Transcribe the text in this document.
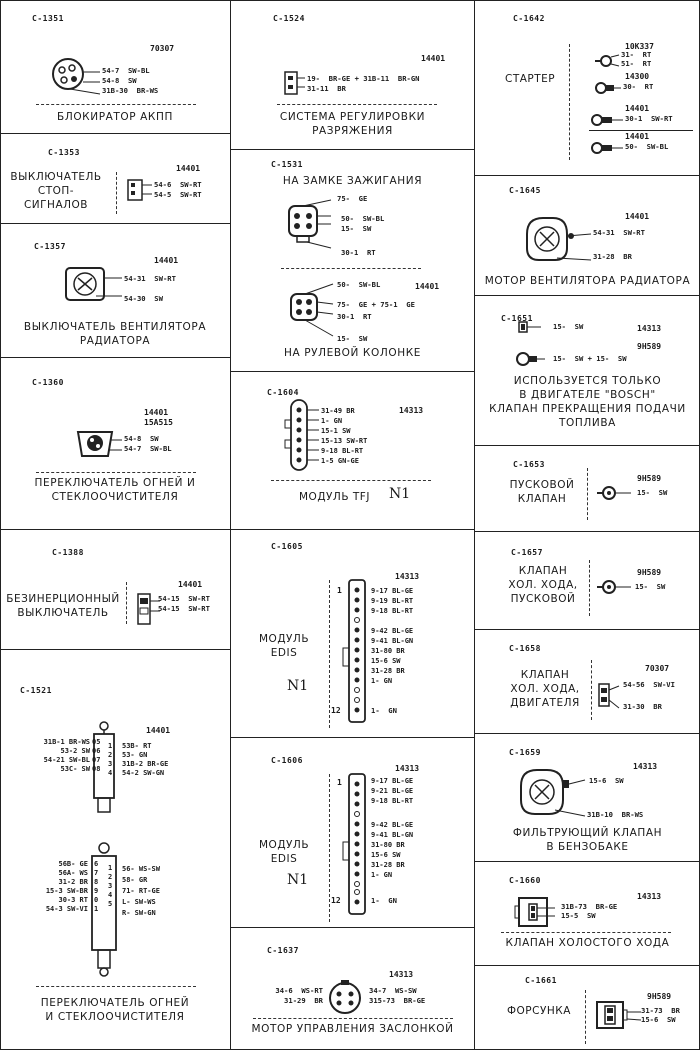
C-1351
70307
54-7  SW-BL
54-8  SW
31B-30  BR-WS
БЛОКИРАТОР АКПП
C-1353
ВЫКЛЮЧАТЕЛЬ
СТОП-
СИГНАЛОВ
14401
54-6  SW-RT
54-5  SW-RT
C-1357
14401
54-31  SW-RT
54-30  SW
ВЫКЛЮЧАТЕЛЬ ВЕНТИЛЯТОРА
РАДИАТОРА
C-1360
14401
15A515
54-8  SW
54-7  SW-BL
ПЕРЕКЛЮЧАТЕЛЬ ОГНЕЙ И
СТЕКЛООЧИСТИТЕЛЯ
C-1388
БЕЗИНЕРЦИОННЫЙ
ВЫКЛЮЧАТЕЛЬ
14401
54-15  SW-RT
54-15  SW-RT
C-1521
14401
31B-1 BR-WS
53-2 SW
54-21 SW-BL
53C- SW
05
06
07
08
1
2
3
4
53B- RT
53- GN
31B-2 BR-GE
54-2 SW-GN
56B- GE
56A- WS
31-2 BR
15-3 SW-BR
30-3 RT
54-3 SW-VI
6
7
8
9
0
1
1
2
3
4
5
56- WS-SW
58- GR
71- RT-GE
L- SW-WS
R- SW-GN
ПЕРЕКЛЮЧАТЕЛЬ ОГНЕЙ
И СТЕКЛООЧИСТИТЕЛЯ
C-1524
14401
19-  BR-GE + 31B-11  BR-GN
31-11  BR
СИСТЕМА РЕГУЛИРОВКИ
РАЗРЯЖЕНИЯ
C-1531
НА ЗАМКЕ ЗАЖИГАНИЯ
75-  GE
50-  SW-BL
15-  SW
30-1  RT
14401
50-  SW-BL
75-  GE + 75-1  GE
30-1  RT
15-  SW
НА РУЛЕВОЙ КОЛОНКЕ
C-1604
14313
31-49 BR
1- GN
15-1 SW
15-13 SW-RT
9-18 BL-RT
1-5 GN-GE
МОДУЛЬ TFJ N1
C-1605
14313
МОДУЛЬ
EDIS
N1
1
12
9-17 BL-GE
9-19 BL-RT
9-18 BL-RT
9-42 BL-GE
9-41 BL-GN
31-80 BR
15-6 SW
31-28 BR
1- GN
1-  GN
C-1606
14313
МОДУЛЬ
EDIS
N1
1
12
9-17 BL-GE
9-21 BL-GE
9-18 BL-RT
9-42 BL-GE
9-41 BL-GN
31-80 BR
15-6 SW
31-28 BR
1- GN
1-  GN
C-1637
14313
34-6  WS-RT
31-29  BR
34-7  WS-SW
315-73  BR-GE
МОТОР УПРАВЛЕНИЯ ЗАСЛОНКОЙ
C-1642
СТАРТЕР
10K337
31-  RT
51-  RT
14300
30-  RT
14401
30-1  SW-RT
14401
50-  SW-BL
C-1645
14401
54-31  SW-RT
31-28  BR
МОТОР ВЕНТИЛЯТОРА РАДИАТОРА
C-1651
15-  SW	14313
9H589
15-  SW + 15-  SW
ИСПОЛЬЗУЕТСЯ ТОЛЬКО
В ДВИГАТЕЛЕ "BOSCH"
КЛАПАН ПРЕКРАЩЕНИЯ ПОДАЧИ
ТОПЛИВА
C-1653
ПУСКОВОЙ
КЛАПАН
9H589
15-  SW
C-1657
КЛАПАН
ХОЛ. ХОДА,
ПУСКОВОЙ
9H589
15-  SW
C-1658
КЛАПАН
ХОЛ. ХОДА,
ДВИГАТЕЛЯ
70307
54-56  SW-VI
31-30  BR
C-1659
14313
15-6  SW
31B-10  BR-WS
ФИЛЬТРУЮЩИЙ КЛАПАН
В БЕНЗОБАКЕ
C-1660
14313
31B-73  BR-GE
15-5  SW
КЛАПАН ХОЛОСТОГО ХОДА
C-1661
ФОРСУНКА
9H589
31-73  BR
15-6  SW
